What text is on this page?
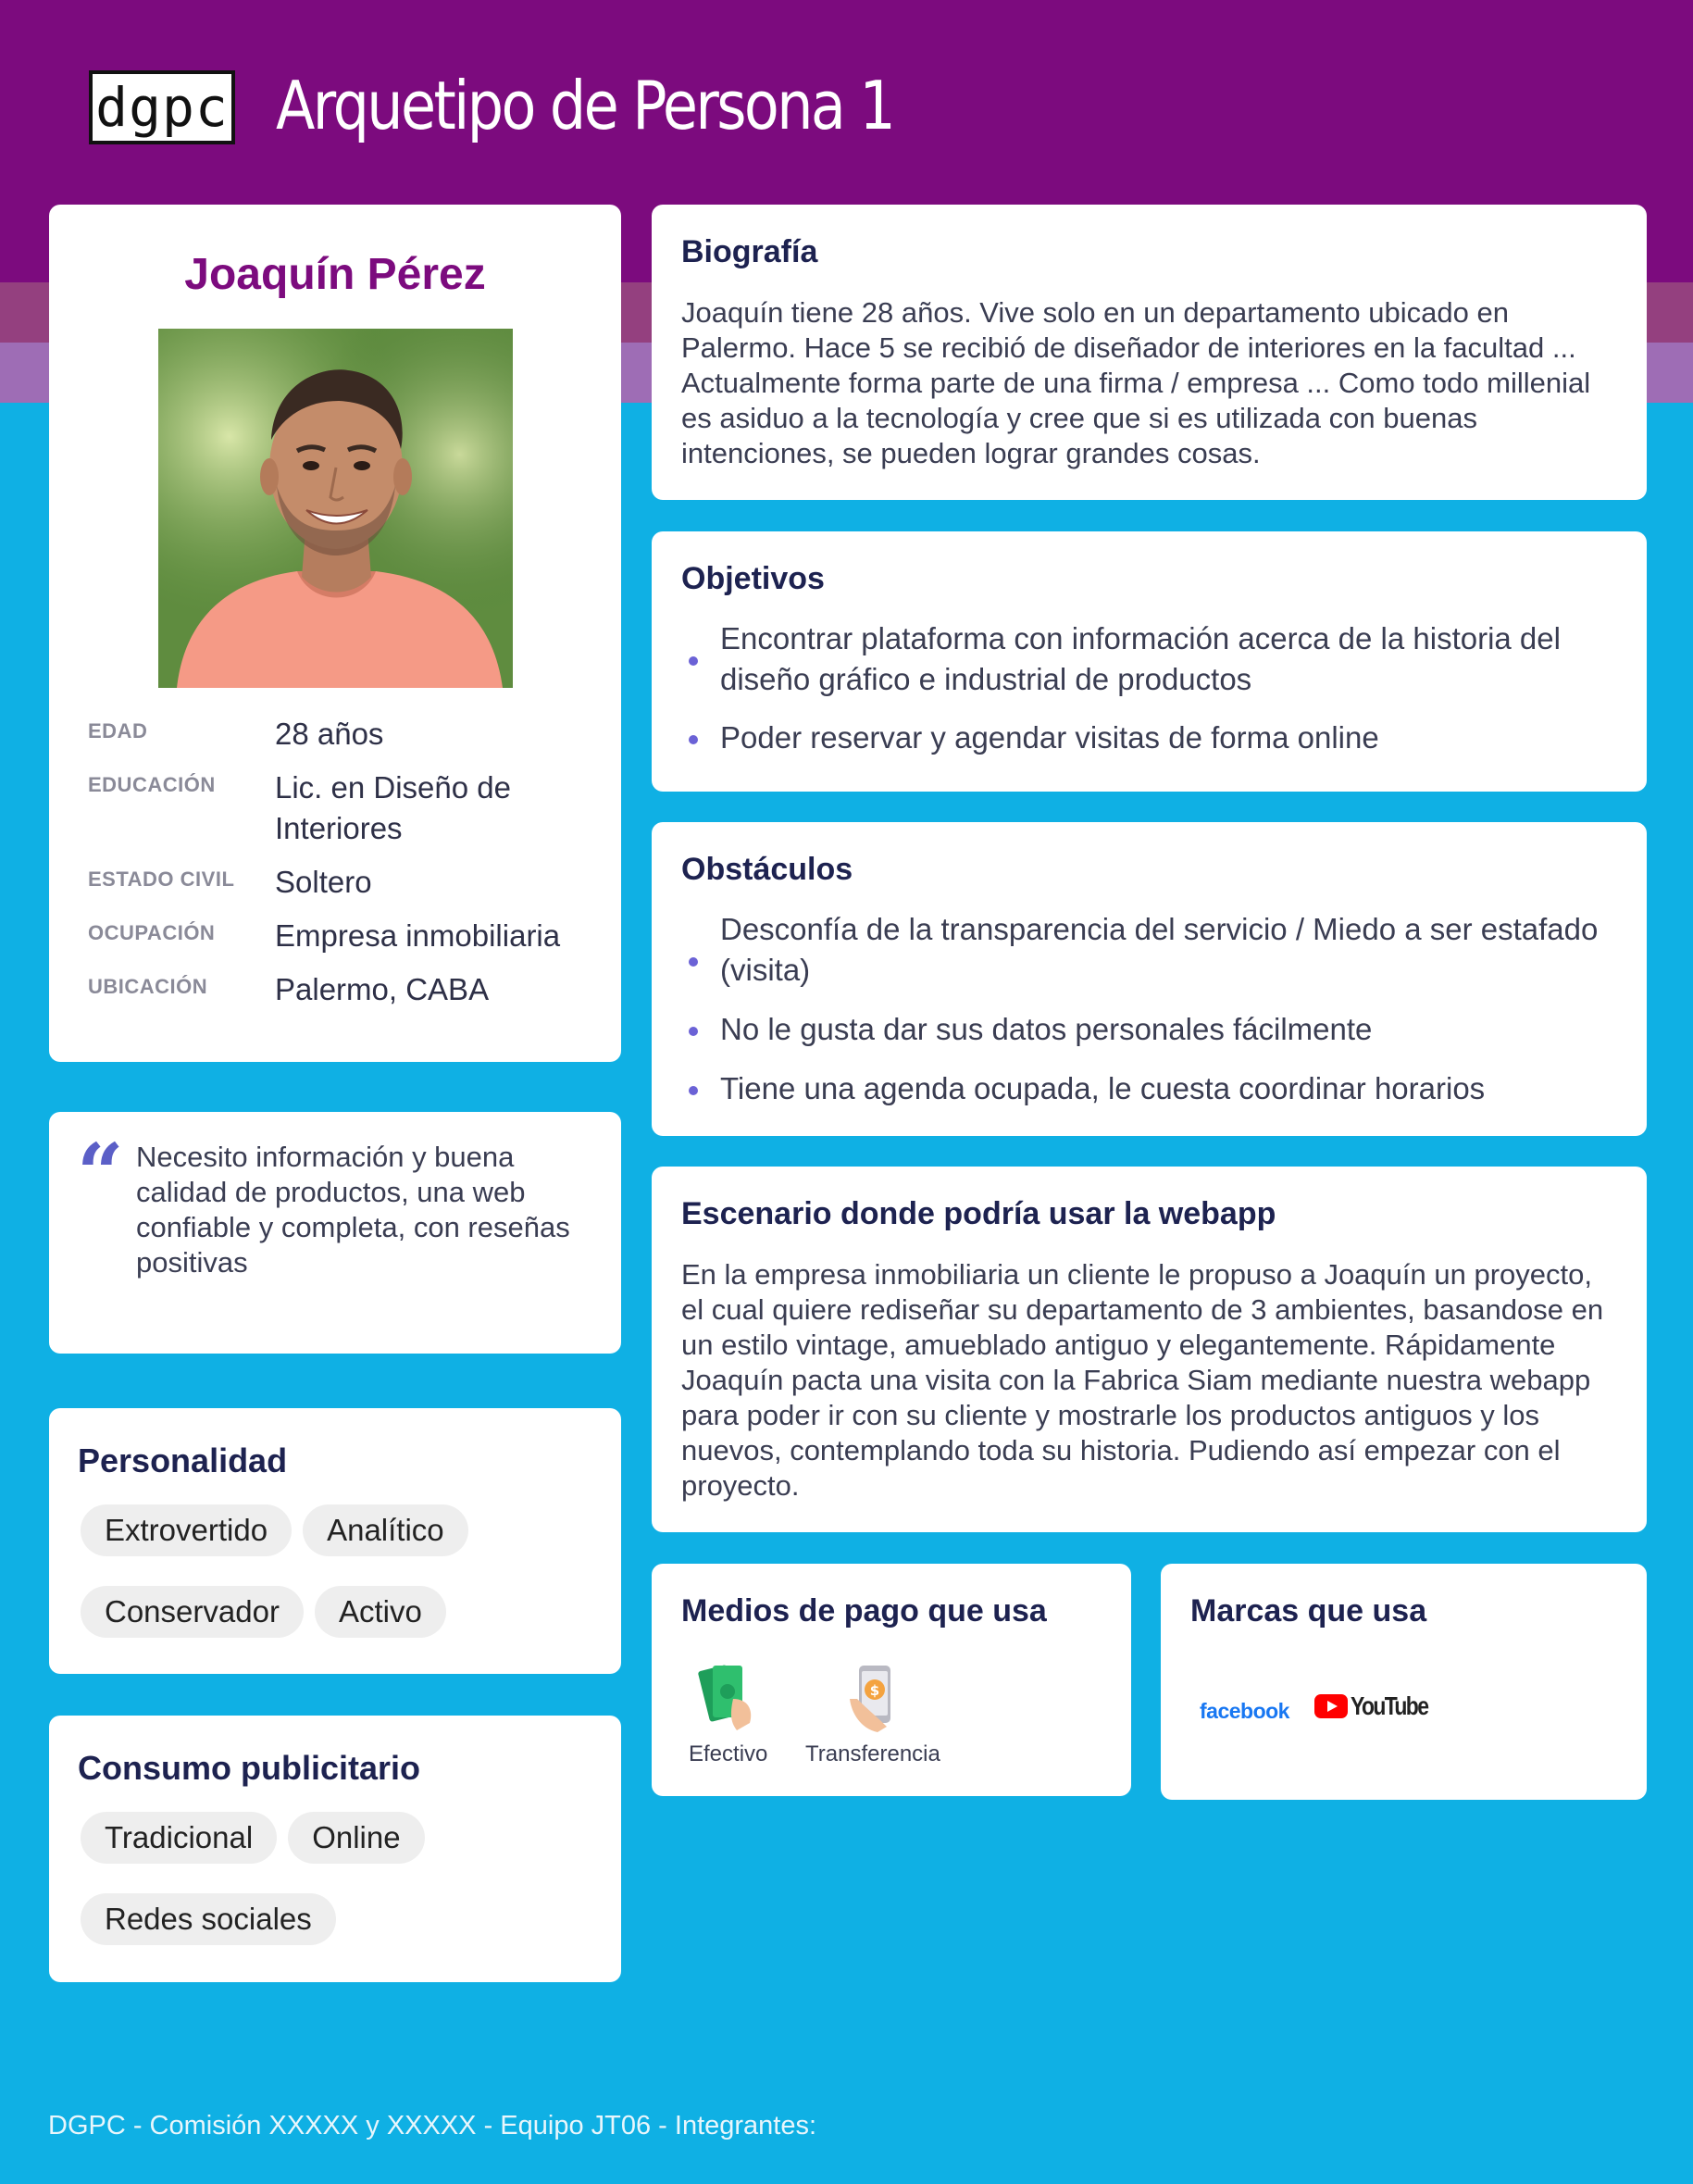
dgpc Arquetipo de Persona 1
Joaquín Pérez
EDAD	28 años
EDUCACIÓN	Lic. en Diseño de Interiores
ESTADO CIVIL	Soltero
OCUPACIÓN	Empresa inmobiliaria
UBICACIÓN	Palermo, CABA
“ Necesito información y buena calidad de productos, una web confiable y completa, con reseñas positivas
Personalidad
Extrovertido	Analítico
Conservador	Activo
Consumo publicitario
Tradicional	Online
Redes sociales
Biografía
Joaquín tiene 28 años. Vive solo en un departamento ubicado en Palermo. Hace 5 se recibió de diseñador de interiores en la facultad ... Actualmente forma parte de una firma / empresa ... Como todo millenial es asiduo a la tecnología y cree que si es utilizada con buenas intenciones, se pueden lograr grandes cosas.
Objetivos
Encontrar plataforma con información acerca de la historia del diseño gráfico e industrial de productos
Poder reservar y agendar visitas de forma online
Obstáculos
Desconfía de la transparencia del servicio / Miedo a ser estafado (visita)
No le gusta dar sus datos personales fácilmente
Tiene una agenda ocupada, le cuesta coordinar horarios
Escenario donde podría usar la webapp
En la empresa inmobiliaria un cliente le propuso a Joaquín un proyecto, el cual quiere rediseñar su departamento de 3 ambientes, basandose en un estilo vintage, amueblado antiguo y elegantemente. Rápidamente Joaquín pacta una visita con la Fabrica Siam mediante nuestra webapp para poder ir con su cliente y mostrarle los productos antiguos y los nuevos, contemplando toda su historia. Pudiendo así empezar con el proyecto.
Medios de pago que usa
Efectivo
$
Transferencia
Marcas que usa
facebook YouTube
DGPC - Comisión XXXXX y XXXXX - Equipo JT06 - Integrantes:
